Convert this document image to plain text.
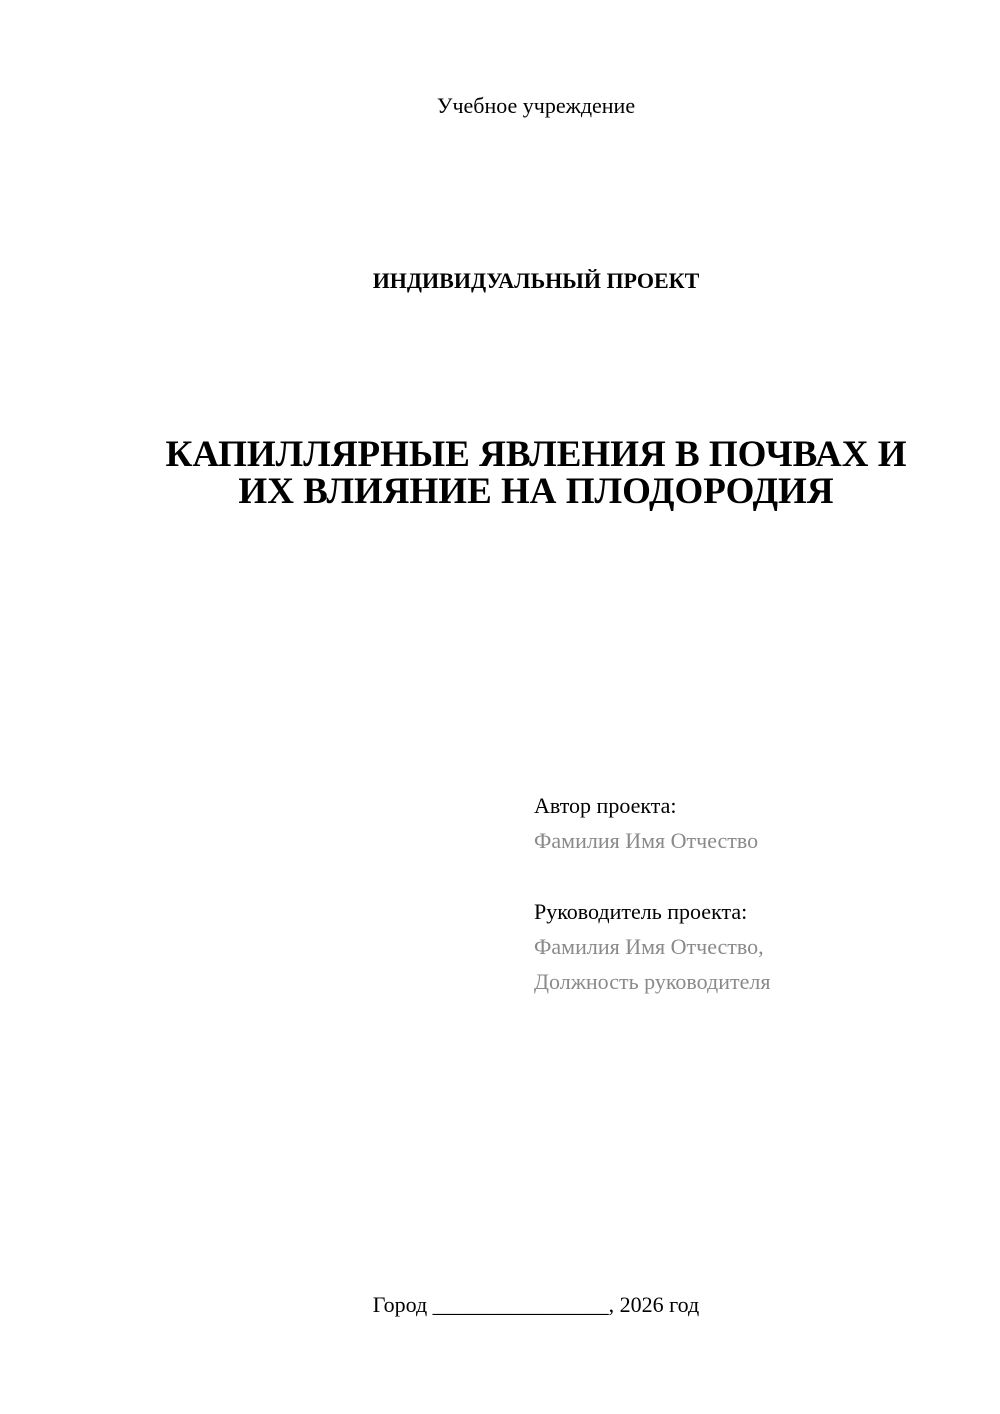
Учебное учреждение
ИНДИВИДУАЛЬНЫЙ ПРОЕКТ
КАПИЛЛЯРНЫЕ ЯВЛЕНИЯ В ПОЧВАХ И
ИХ ВЛИЯНИЕ НА ПЛОДОРОДИЯ
Автор проекта:
Фамилия Имя Отчество
Руководитель проекта:
Фамилия Имя Отчество,
Должность руководителя
Город ________________, 2026 год
